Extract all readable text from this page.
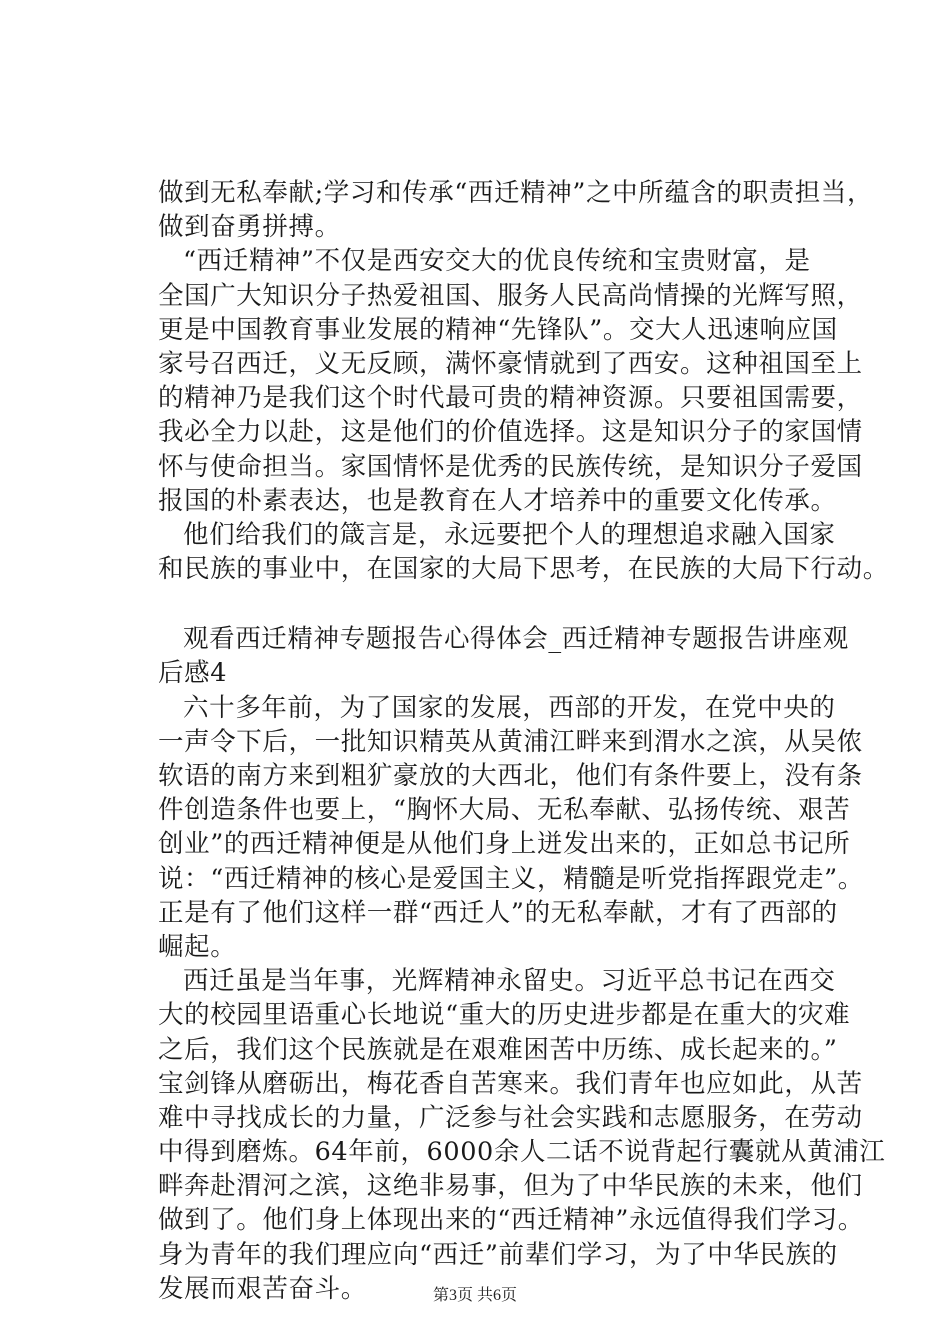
做到无私奉献;学习和传承“西迁精神”之中所蕴含的职责担当，
做到奋勇拼搏。
“西迁精神”不仅是西安交大的优良传统和宝贵财富，是
全国广大知识分子热爱祖国、服务人民高尚情操的光辉写照，
更是中国教育事业发展的精神“先锋队”。交大人迅速响应国
家号召西迁，义无反顾，满怀豪情就到了西安。这种祖国至上
的精神乃是我们这个时代最可贵的精神资源。只要祖国需要，
我必全力以赴，这是他们的价值选择。这是知识分子的家国情
怀与使命担当。家国情怀是优秀的民族传统，是知识分子爱国
报国的朴素表达，也是教育在人才培养中的重要文化传承。
他们给我们的箴言是，永远要把个人的理想追求融入国家
和民族的事业中，在国家的大局下思考，在民族的大局下行动。
观看西迁精神专题报告心得体会_西迁精神专题报告讲座观
后感4
六十多年前，为了国家的发展，西部的开发，在党中央的
一声令下后，一批知识精英从黄浦江畔来到渭水之滨，从吴侬
软语的南方来到粗犷豪放的大西北，他们有条件要上，没有条
件创造条件也要上，“胸怀大局、无私奉献、弘扬传统、艰苦
创业”的西迁精神便是从他们身上迸发出来的，正如总书记所
说：“西迁精神的核心是爱国主义，精髓是听党指挥跟党走”。
正是有了他们这样一群“西迁人”的无私奉献，才有了西部的
崛起。
西迁虽是当年事，光辉精神永留史。习近平总书记在西交
大的校园里语重心长地说“重大的历史进步都是在重大的灾难
之后，我们这个民族就是在艰难困苦中历练、成长起来的。”
宝剑锋从磨砺出，梅花香自苦寒来。我们青年也应如此，从苦
难中寻找成长的力量，广泛参与社会实践和志愿服务，在劳动
中得到磨炼。64年前，6000余人二话不说背起行囊就从黄浦江
畔奔赴渭河之滨，这绝非易事，但为了中华民族的未来，他们
做到了。他们身上体现出来的“西迁精神”永远值得我们学习。
身为青年的我们理应向“西迁”前辈们学习，为了中华民族的
发展而艰苦奋斗。	第3页 共6页
